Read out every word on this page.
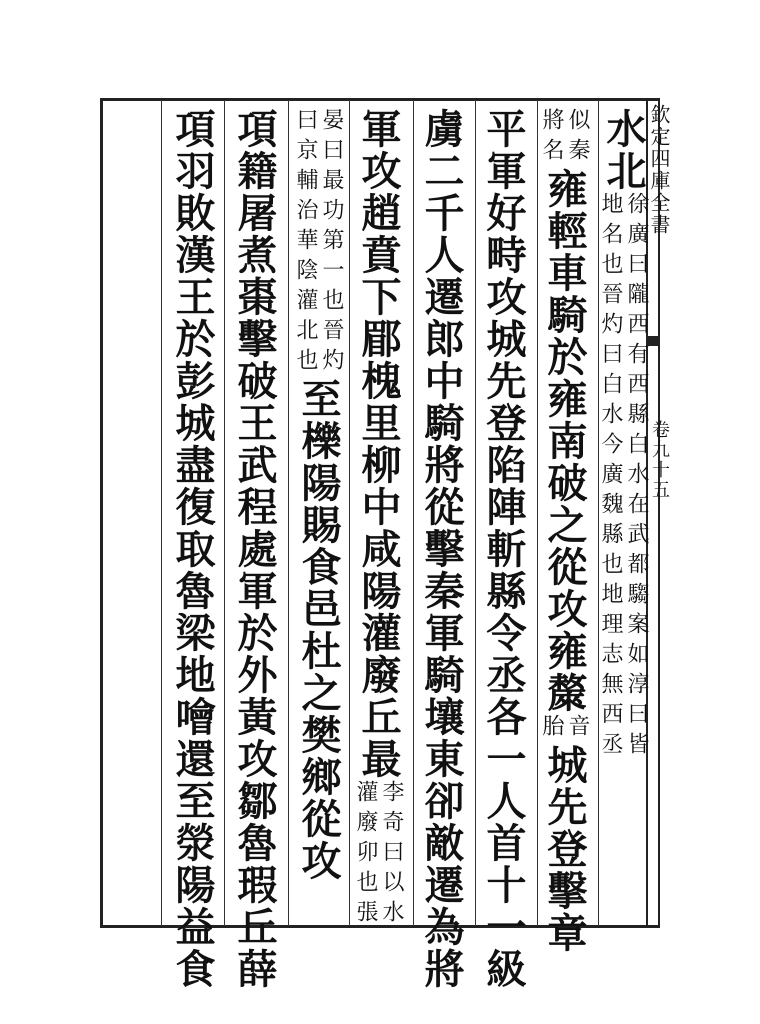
欽定四庫全書
卷九十五
水北
徐廣曰隴西有西縣白水在武都騶案如淳曰皆
地名也晉灼曰白水今廣魏縣也地理志無西丞
似秦
將名
雍輕車騎於雍南破之從攻雍斄
音
胎
城先登擊章
平軍好畤攻城先登陷陣斬縣令丞各一人首十一級
虜二千人遷郎中騎將從擊秦軍騎壤東卻敵遷為將
軍攻趙賁下郿槐里柳中咸陽灌廢丘最
李奇曰以水
灌廢卯也張
晏曰最功第一也晉灼
曰京輔治華陰灌北也
至櫟陽賜食邑杜之樊鄉從攻
項籍屠煮棗擊破王武程處軍於外黃攻鄒魯瑕丘薛
項羽敗漢王於彭城盡復取魯梁地噲還至滎陽益食
